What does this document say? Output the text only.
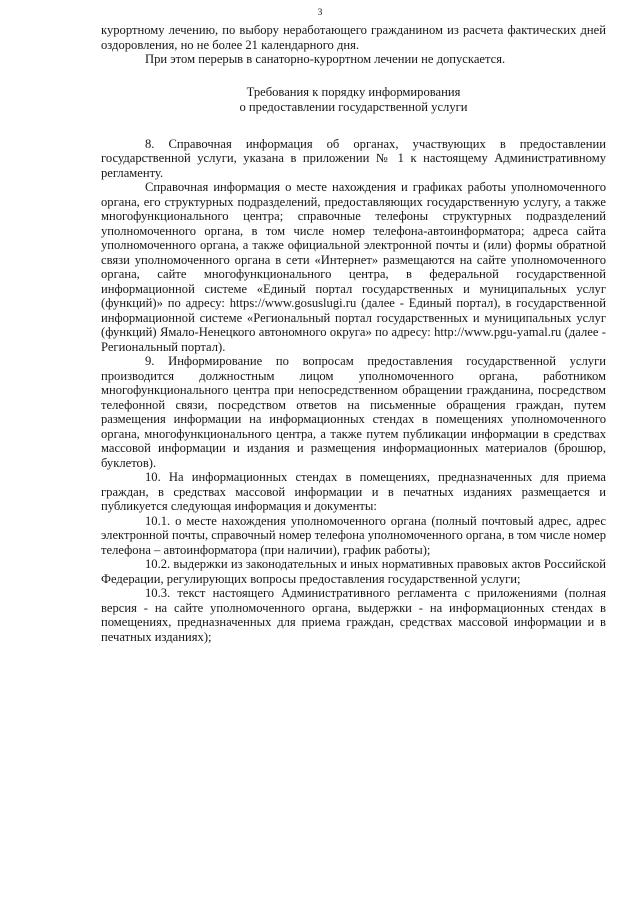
3

курортному лечению, по выбору неработающего гражданином из расчета фактических дней оздоровления, но не более 21 календарного дня.

При этом перерыв в санаторно-курортном лечении не допускается.

Требования к порядку информирования
о предоставлении государственной услуги

8. Справочная информация об органах, участвующих в предоставлении государственной услуги, указана в приложении № 1 к настоящему Административному регламенту.

Справочная информация о месте нахождения и графиках работы уполномоченного органа, его структурных подразделений, предоставляющих государственную услугу, а также многофункционального центра; справочные телефоны структурных подразделений уполномоченного органа, в том числе номер телефона-автоинформатора; адреса сайта уполномоченного органа, а также официальной электронной почты и (или) формы обратной связи уполномоченного органа в сети «Интернет» размещаются на сайте уполномоченного органа, сайте многофункционального центра, в федеральной государственной информационной системе «Единый портал государственных и муниципальных услуг (функций)» по адресу: https://www.gosuslugi.ru (далее - Единый портал), в государственной информационной системе «Региональный портал государственных и муниципальных услуг (функций) Ямало-Ненецкого автономного округа» по адресу: http://www.pgu-yamal.ru (далее - Региональный портал).

9. Информирование по вопросам предоставления государственной услуги производится должностным лицом уполномоченного органа, работником многофункционального центра при непосредственном обращении гражданина, посредством телефонной связи, посредством ответов на письменные обращения граждан, путем размещения информации на информационных стендах в помещениях уполномоченного органа, многофункционального центра, а также путем публикации информации в средствах массовой информации и издания и размещения информационных материалов (брошюр, буклетов).

10. На информационных стендах в помещениях, предназначенных для приема граждан, в средствах массовой информации и в печатных изданиях размещается и публикуется следующая информация и документы:

10.1. о месте нахождения уполномоченного органа (полный почтовый адрес, адрес электронной почты, справочный номер телефона уполномоченного органа, в том числе номер телефона – автоинформатора (при наличии), график работы);

10.2. выдержки из законодательных и иных нормативных правовых актов Российской Федерации, регулирующих вопросы предоставления государственной услуги;

10.3. текст настоящего Административного регламента с приложениями (полная версия - на сайте уполномоченного органа, выдержки - на информационных стендах в помещениях, предназначенных для приема граждан, средствах массовой информации и в печатных изданиях);
